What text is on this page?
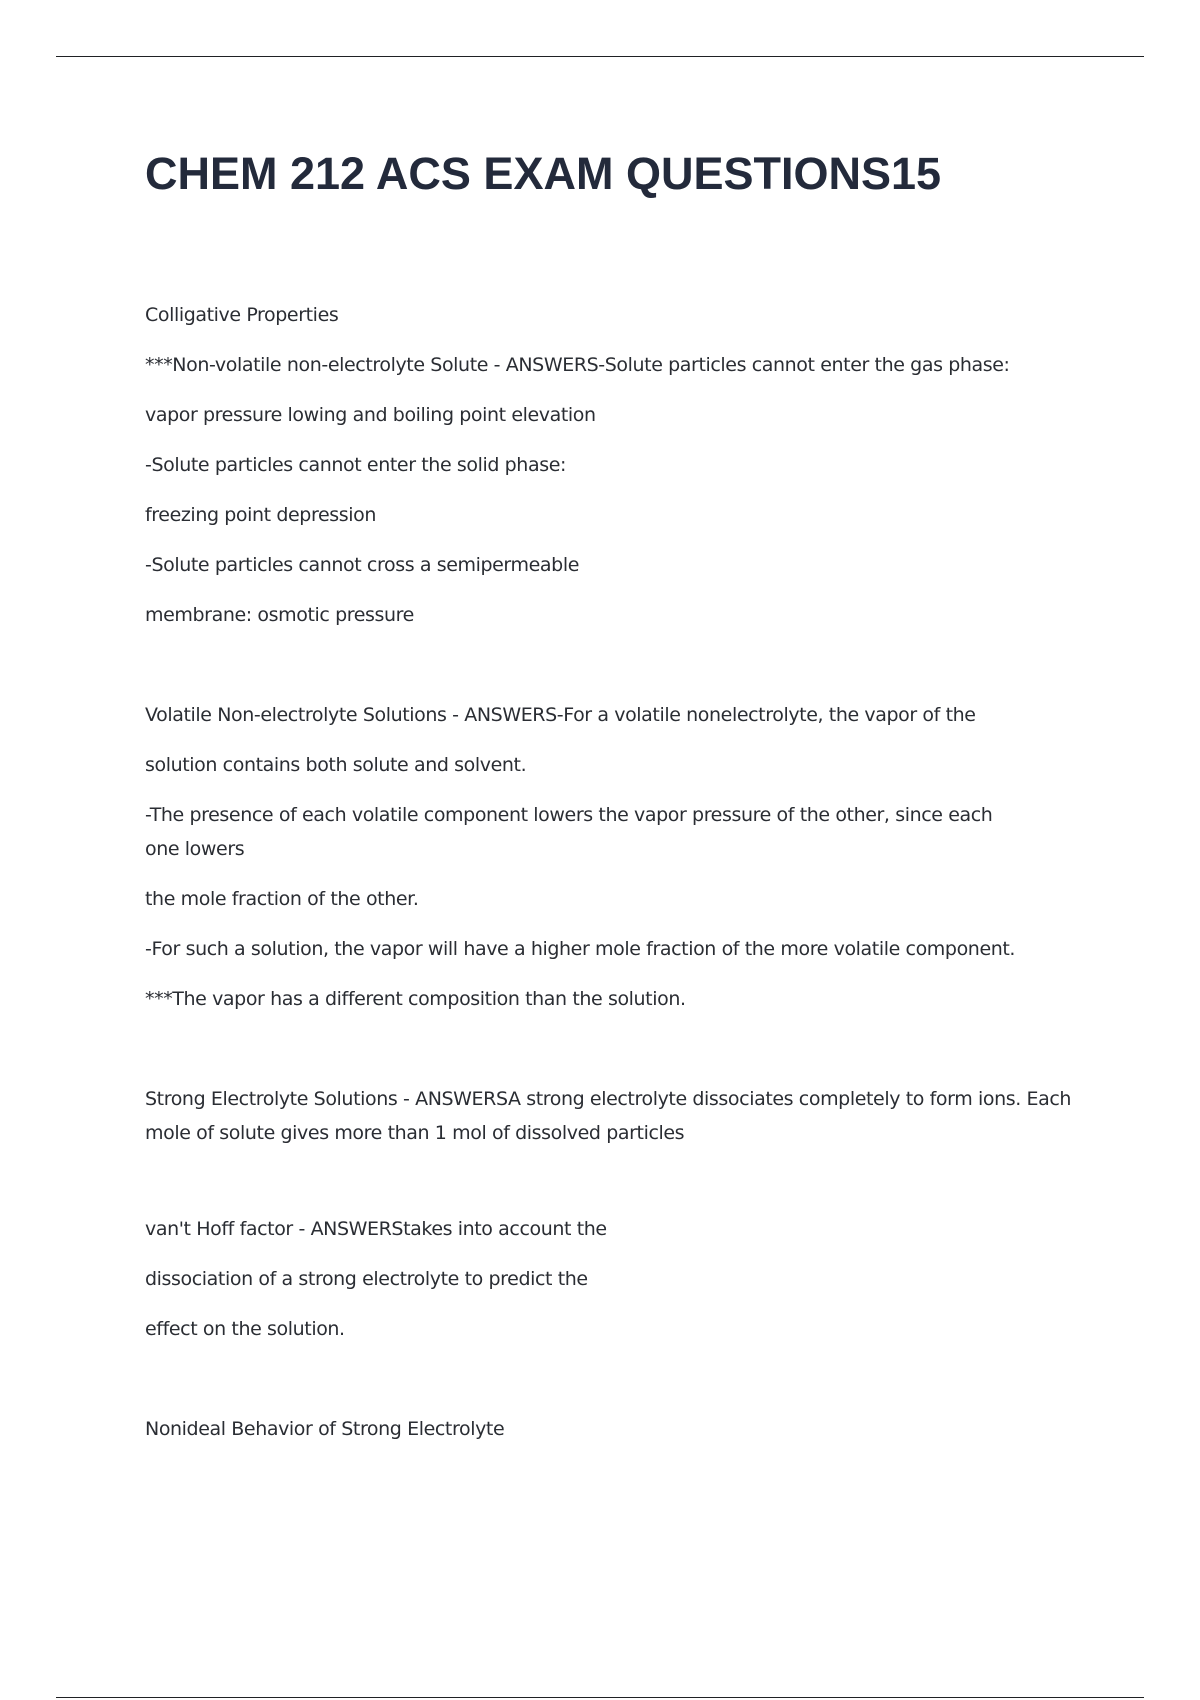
CHEM 212 ACS EXAM QUESTIONS15

Colligative Properties

***Non-volatile non-electrolyte Solute - ANSWERS-Solute particles cannot enter the gas phase:

vapor pressure lowing and boiling point elevation

-Solute particles cannot enter the solid phase:

freezing point depression

-Solute particles cannot cross a semipermeable

membrane: osmotic pressure

Volatile Non-electrolyte Solutions - ANSWERS-For a volatile nonelectrolyte, the vapor of the

solution contains both solute and solvent.

-The presence of each volatile component lowers the vapor pressure of the other, since each one lowers

the mole fraction of the other.

-For such a solution, the vapor will have a higher mole fraction of the more volatile component.

***The vapor has a different composition than the solution.

Strong Electrolyte Solutions - ANSWERSA strong electrolyte dissociates completely to form ions. Each mole of solute gives more than 1 mol of dissolved particles

van't Hoff factor - ANSWERStakes into account the

dissociation of a strong electrolyte to predict the

effect on the solution.

Nonideal Behavior of Strong Electrolyte
